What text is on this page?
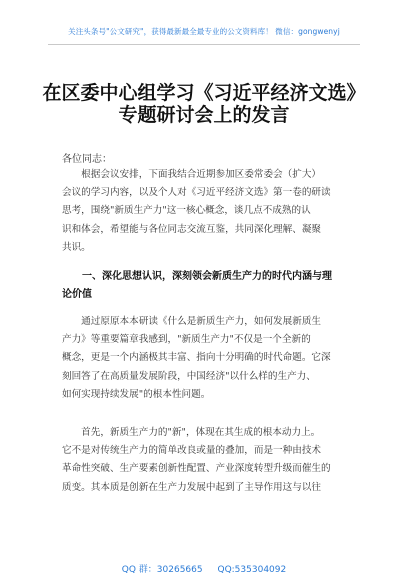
关注头条号"公文研究"，获得最新最全最专业的公文资料库！ 微信：gongwenyj
在区委中心组学习《习近平经济文选》
专题研讨会上的发言
各位同志：
　　根据会议安排，下面我结合近期参加区委常委会（扩大）
会议的学习内容，以及个人对《习近平经济文选》第一卷的研读
思考，围绕"新质生产力"这一核心概念，谈几点不成熟的认
识和体会，希望能与各位同志交流互鉴，共同深化理解、凝聚
共识。
　　一、深化思想认识，深刻领会新质生产力的时代内涵与理
论价值
　　通过原原本本研读《什么是新质生产力，如何发展新质生
产力》等重要篇章我感到，"新质生产力"不仅是一个全新的
概念，更是一个内涵极其丰富、指向十分明确的时代命题。它深
刻回答了在高质量发展阶段，中国经济"以什么样的生产力、
如何实现持续发展"的根本性问题。
　　首先，新质生产力的"新"，体现在其生成的根本动力上。
它不是对传统生产力的简单改良或量的叠加，而是一种由技术
革命性突破、生产要素创新性配置、产业深度转型升级而催生的
质变。其本质是创新在生产力发展中起到了主导作用这与以往
QQ 群：30265665 QQ:535304092
